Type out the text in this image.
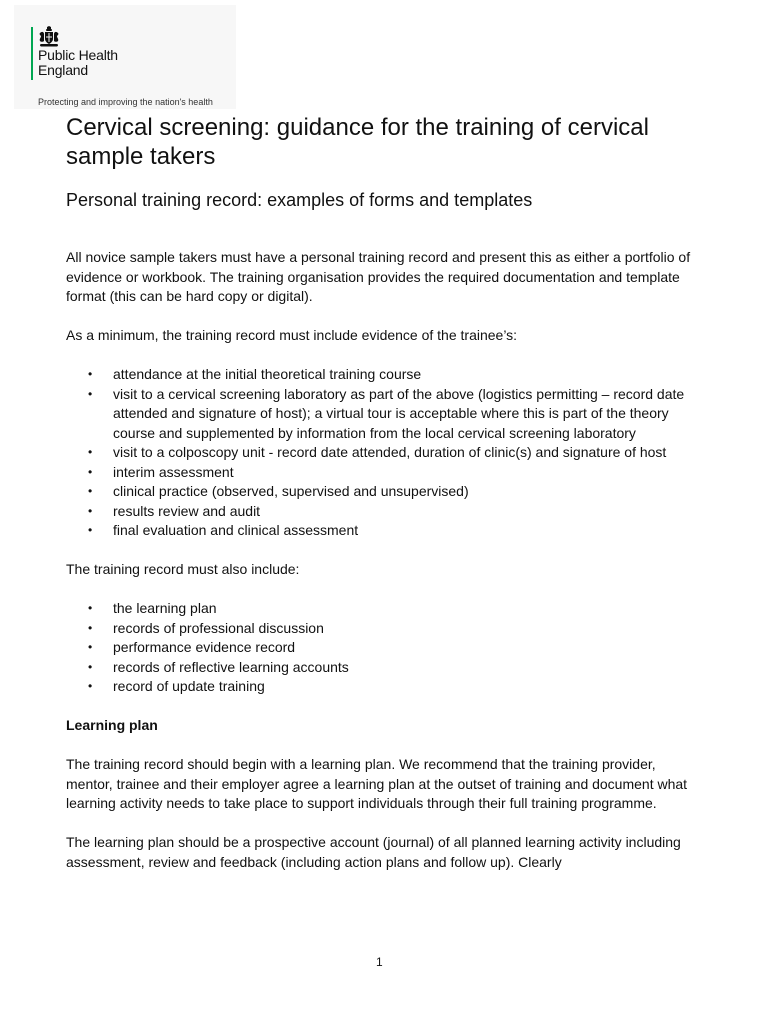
Public Health
England
Protecting and improving the nation's health
Cervical screening: guidance for the training of cervical sample takers
Personal training record: examples of forms and templates

All novice sample takers must have a personal training record and present this as either a portfolio of evidence or workbook. The training organisation provides the required documentation and template format (this can be hard copy or digital).

As a minimum, the training record must include evidence of the trainee’s:

• attendance at the initial theoretical training course
• visit to a cervical screening laboratory as part of the above (logistics permitting – record date attended and signature of host); a virtual tour is acceptable where this is part of the theory course and supplemented by information from the local cervical screening laboratory
• visit to a colposcopy unit - record date attended, duration of clinic(s) and signature of host
• interim assessment
• clinical practice (observed, supervised and unsupervised)
• results review and audit
• final evaluation and clinical assessment

The training record must also include:

• the learning plan
• records of professional discussion
• performance evidence record
• records of reflective learning accounts
• record of update training
Learning plan

The training record should begin with a learning plan. We recommend that the training provider, mentor, trainee and their employer agree a learning plan at the outset of training and document what learning activity needs to take place to support individuals through their full training programme.

The learning plan should be a prospective account (journal) of all planned learning activity including assessment, review and feedback (including action plans and follow up). Clearly

1
